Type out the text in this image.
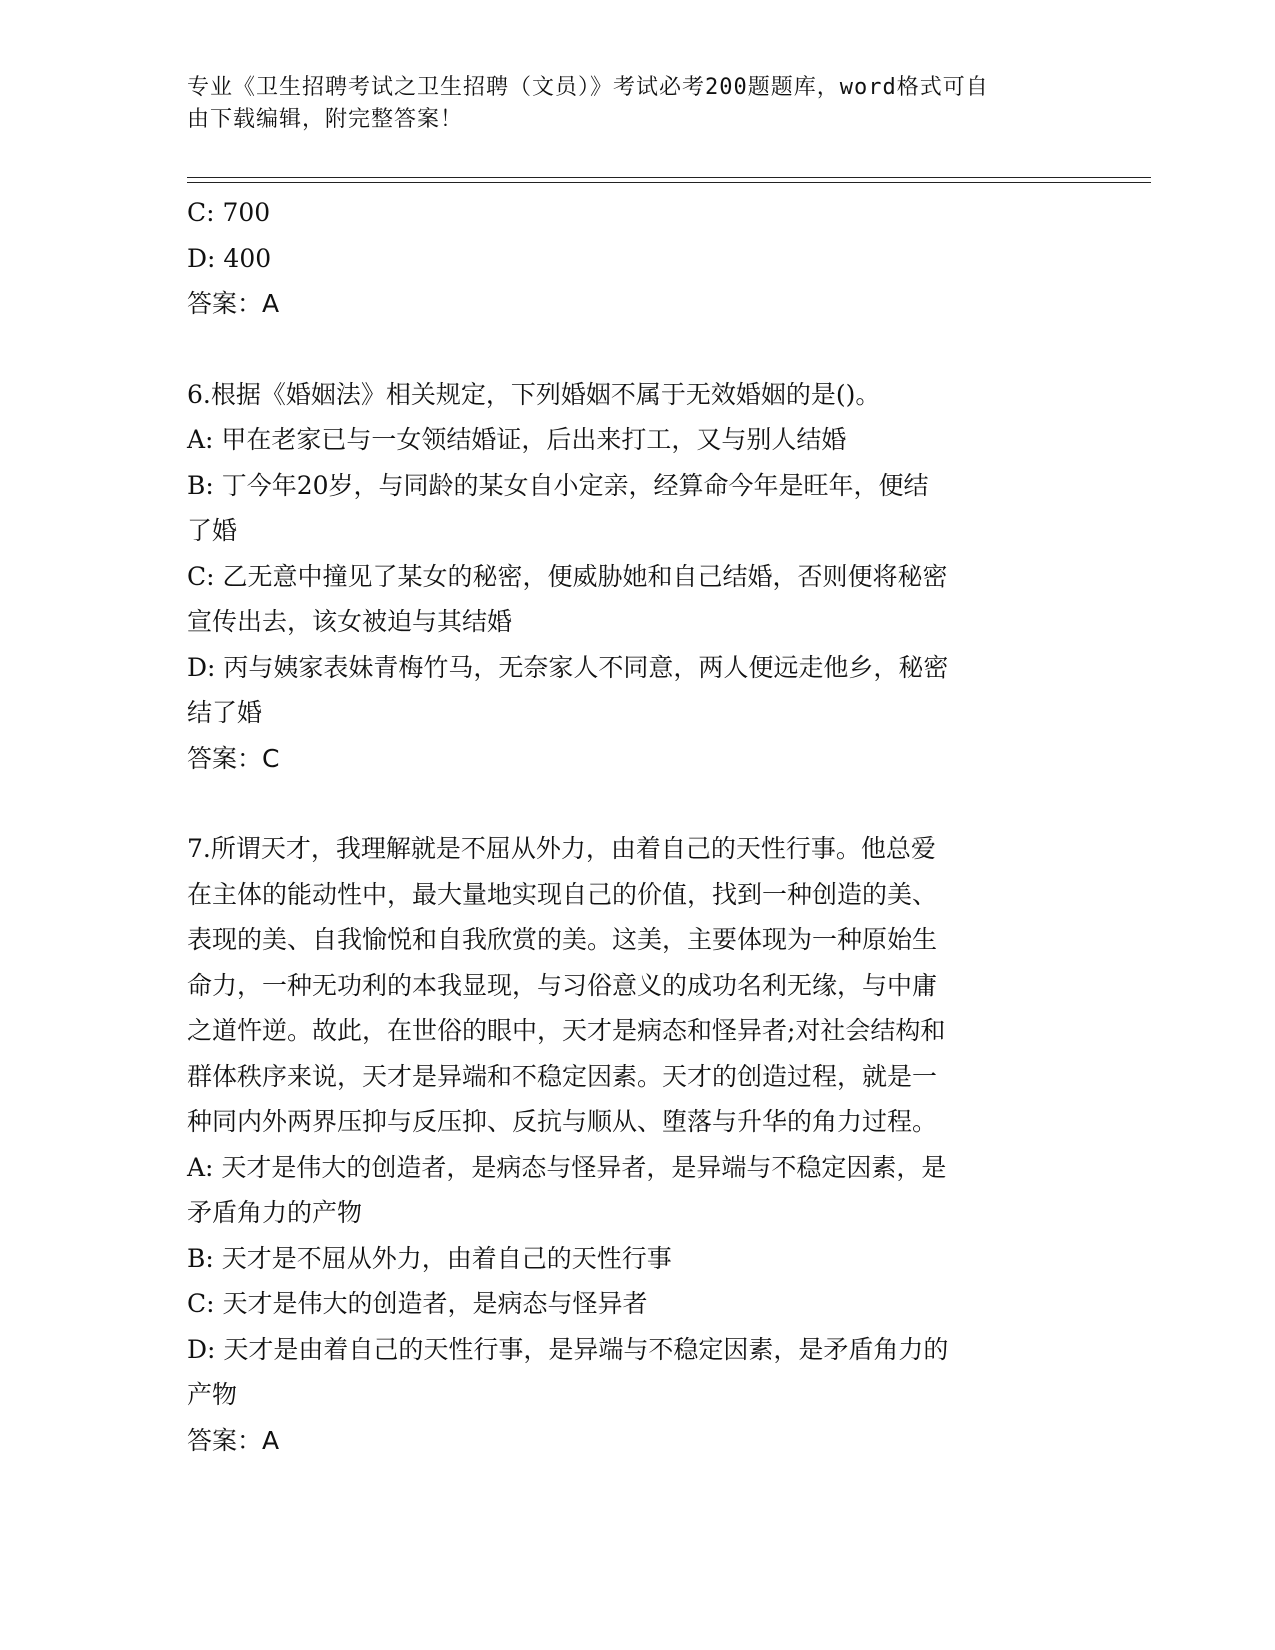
专业《卫生招聘考试之卫生招聘（文员）》考试必考200题题库，word格式可自
由下载编辑，附完整答案！

C: 700

D: 400

答案：A

6.根据《婚姻法》相关规定，下列婚姻不属于无效婚姻的是()。

A: 甲在老家已与一女领结婚证，后出来打工，又与别人结婚

B: 丁今年20岁，与同龄的某女自小定亲，经算命今年是旺年，便结

了婚

C: 乙无意中撞见了某女的秘密，便威胁她和自己结婚，否则便将秘密

宣传出去，该女被迫与其结婚

D: 丙与姨家表妹青梅竹马，无奈家人不同意，两人便远走他乡，秘密

结了婚

答案：C

7.所谓天才，我理解就是不屈从外力，由着自己的天性行事。他总爱

在主体的能动性中，最大量地实现自己的价值，找到一种创造的美、

表现的美、自我愉悦和自我欣赏的美。这美，主要体现为一种原始生

命力，一种无功利的本我显现，与习俗意义的成功名利无缘，与中庸

之道忤逆。故此，在世俗的眼中，天才是病态和怪异者;对社会结构和

群体秩序来说，天才是异端和不稳定因素。天才的创造过程，就是一

种同内外两界压抑与反压抑、反抗与顺从、堕落与升华的角力过程。

A: 天才是伟大的创造者，是病态与怪异者，是异端与不稳定因素，是

矛盾角力的产物

B: 天才是不屈从外力，由着自己的天性行事

C: 天才是伟大的创造者，是病态与怪异者

D: 天才是由着自己的天性行事，是异端与不稳定因素，是矛盾角力的

产物

答案：A
